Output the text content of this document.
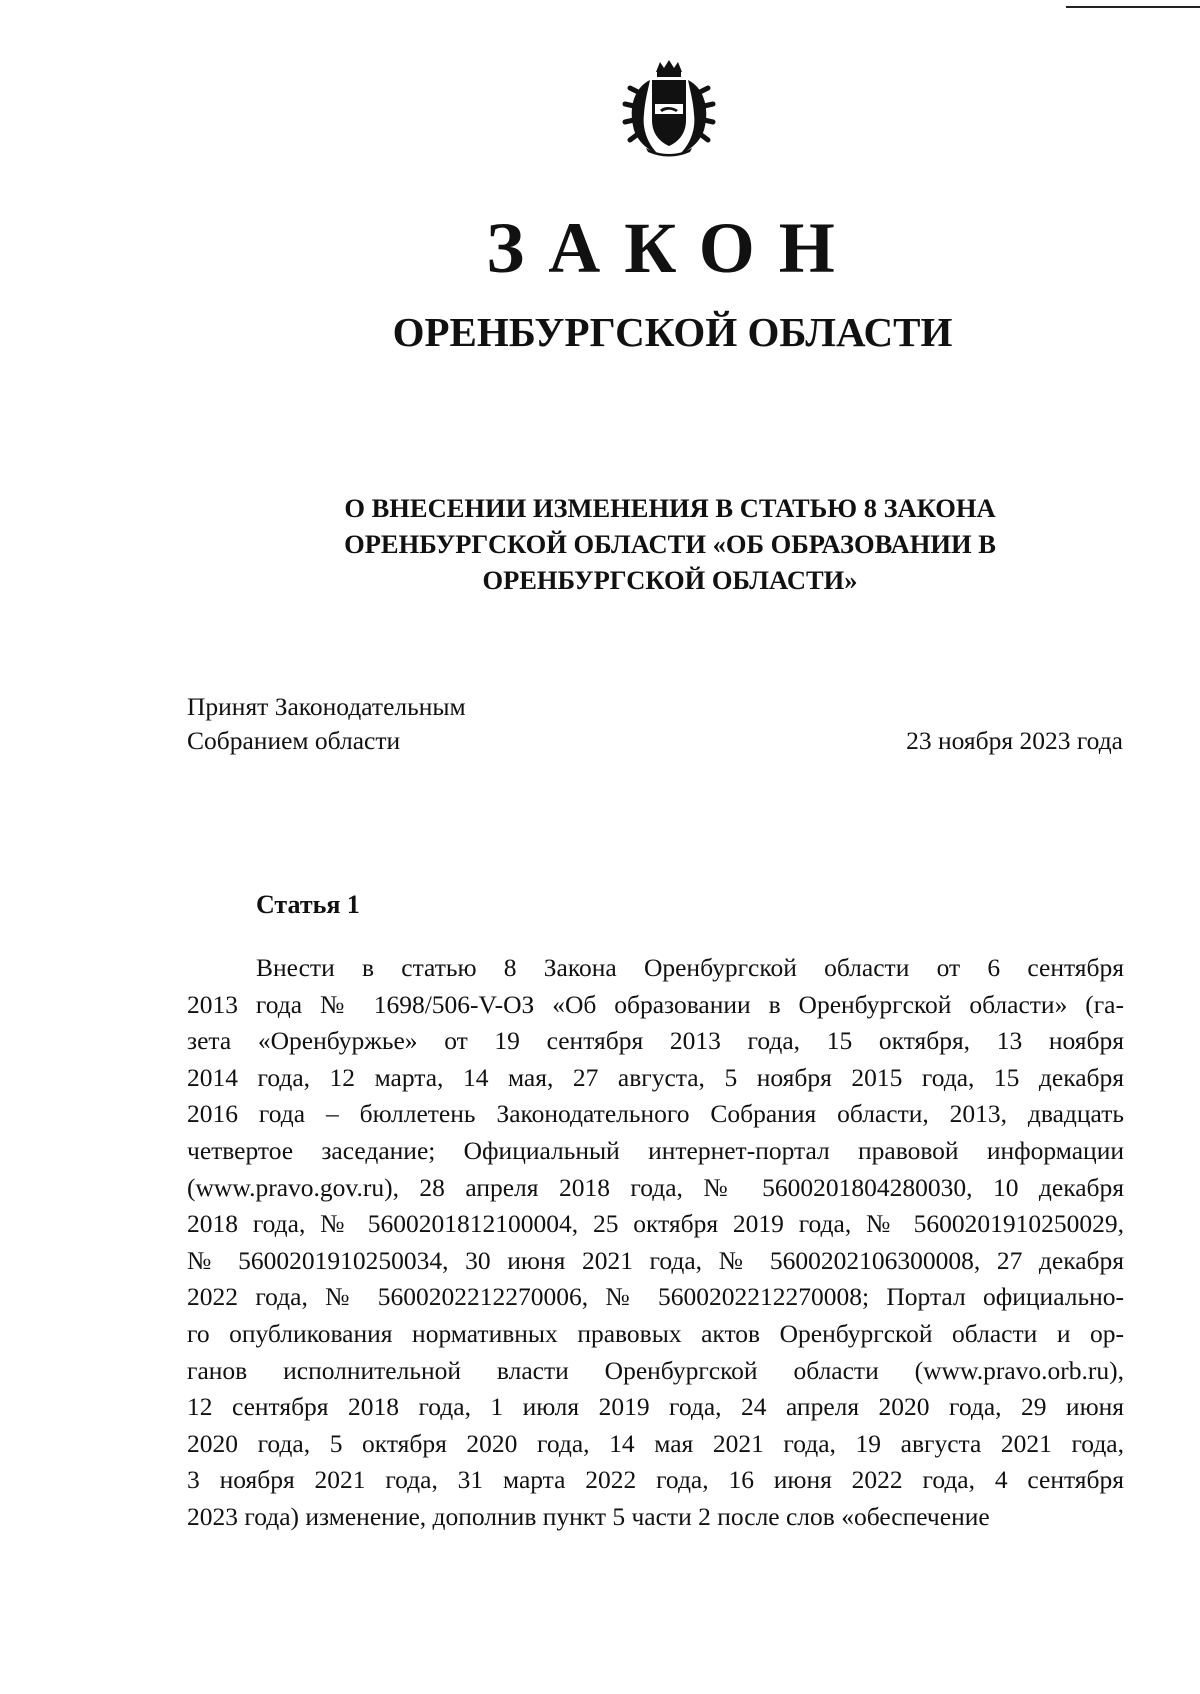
ЗАКОН
ОРЕНБУРГСКОЙ ОБЛАСТИ
О ВНЕСЕНИИ ИЗМЕНЕНИЯ В СТАТЬЮ 8 ЗАКОНА
ОРЕНБУРГСКОЙ ОБЛАСТИ «ОБ ОБРАЗОВАНИИ В
ОРЕНБУРГСКОЙ ОБЛАСТИ»
Принят Законодательным
Собранием области	23 ноября 2023 года
Статья 1
Внести в статью 8 Закона Оренбургской области от 6 сентября
2013 года № 1698/506-V-ОЗ «Об образовании в Оренбургской области» (га-
зета «Оренбуржье» от 19 сентября 2013 года, 15 октября, 13 ноября
2014 года, 12 марта, 14 мая, 27 августа, 5 ноября 2015 года, 15 декабря
2016 года – бюллетень Законодательного Собрания области, 2013, двадцать
четвертое заседание; Официальный интернет-портал правовой информации
(www.pravo.gov.ru), 28 апреля 2018 года, № 5600201804280030, 10 декабря
2018 года, № 5600201812100004, 25 октября 2019 года, № 5600201910250029,
№ 5600201910250034, 30 июня 2021 года, № 5600202106300008, 27 декабря
2022 года, № 5600202212270006, № 5600202212270008; Портал официально-
го опубликования нормативных правовых актов Оренбургской области и ор-
ганов исполнительной власти Оренбургской области (www.pravo.orb.ru),
12 сентября 2018 года, 1 июля 2019 года, 24 апреля 2020 года, 29 июня
2020 года, 5 октября 2020 года, 14 мая 2021 года, 19 августа 2021 года,
3 ноября 2021 года, 31 марта 2022 года, 16 июня 2022 года, 4 сентября
2023 года) изменение, дополнив пункт 5 части 2 после слов «обеспечение
